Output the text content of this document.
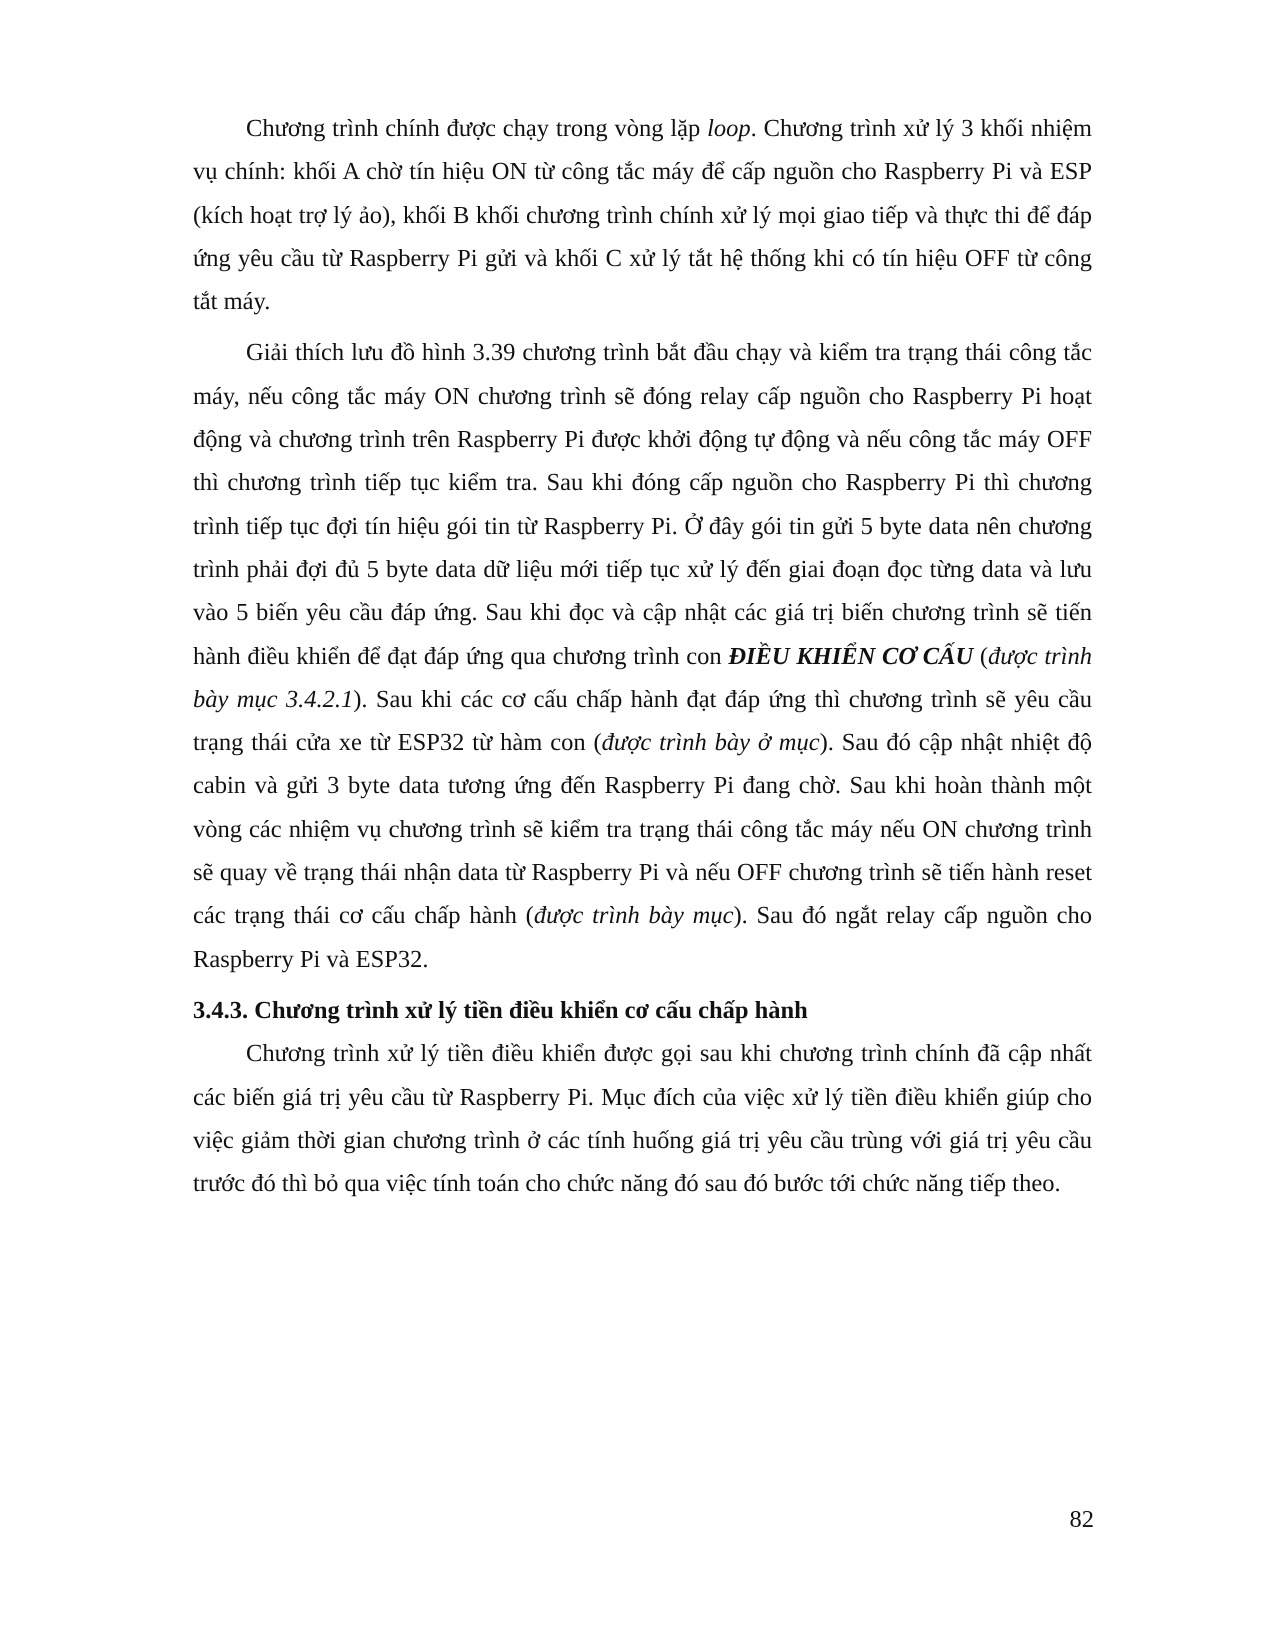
Chương trình chính được chạy trong vòng lặp loop. Chương trình xử lý 3 khối nhiệm vụ chính: khối A chờ tín hiệu ON từ công tắc máy để cấp nguồn cho Raspberry Pi và ESP (kích hoạt trợ lý ảo), khối B khối chương trình chính xử lý mọi giao tiếp và thực thi để đáp ứng yêu cầu từ Raspberry Pi gửi và khối C xử lý tắt hệ thống khi có tín hiệu OFF từ công tắt máy.

Giải thích lưu đồ hình 3.39 chương trình bắt đầu chạy và kiểm tra trạng thái công tắc máy, nếu công tắc máy ON chương trình sẽ đóng relay cấp nguồn cho Raspberry Pi hoạt động và chương trình trên Raspberry Pi được khởi động tự động và nếu công tắc máy OFF thì chương trình tiếp tục kiểm tra. Sau khi đóng cấp nguồn cho Raspberry Pi thì chương trình tiếp tục đợi tín hiệu gói tin từ Raspberry Pi. Ở đây gói tin gửi 5 byte data nên chương trình phải đợi đủ 5 byte data dữ liệu mới tiếp tục xử lý đến giai đoạn đọc từng data và lưu vào 5 biến yêu cầu đáp ứng. Sau khi đọc và cập nhật các giá trị biến chương trình sẽ tiến hành điều khiển để đạt đáp ứng qua chương trình con ĐIỀU KHIỂN CƠ CẤU (được trình bày mục 3.4.2.1). Sau khi các cơ cấu chấp hành đạt đáp ứng thì chương trình sẽ yêu cầu trạng thái cửa xe từ ESP32 từ hàm con (được trình bày ở mục). Sau đó cập nhật nhiệt độ cabin và gửi 3 byte data tương ứng đến Raspberry Pi đang chờ. Sau khi hoàn thành một vòng các nhiệm vụ chương trình sẽ kiểm tra trạng thái công tắc máy nếu ON chương trình sẽ quay về trạng thái nhận data từ Raspberry Pi và nếu OFF chương trình sẽ tiến hành reset các trạng thái cơ cấu chấp hành (được trình bày mục). Sau đó ngắt relay cấp nguồn cho Raspberry Pi và ESP32.

3.4.3. Chương trình xử lý tiền điều khiển cơ cấu chấp hành

Chương trình xử lý tiền điều khiển được gọi sau khi chương trình chính đã cập nhất các biến giá trị yêu cầu từ Raspberry Pi. Mục đích của việc xử lý tiền điều khiển giúp cho việc giảm thời gian chương trình ở các tính huống giá trị yêu cầu trùng với giá trị yêu cầu trước đó thì bỏ qua việc tính toán cho chức năng đó sau đó bước tới chức năng tiếp theo.

82
